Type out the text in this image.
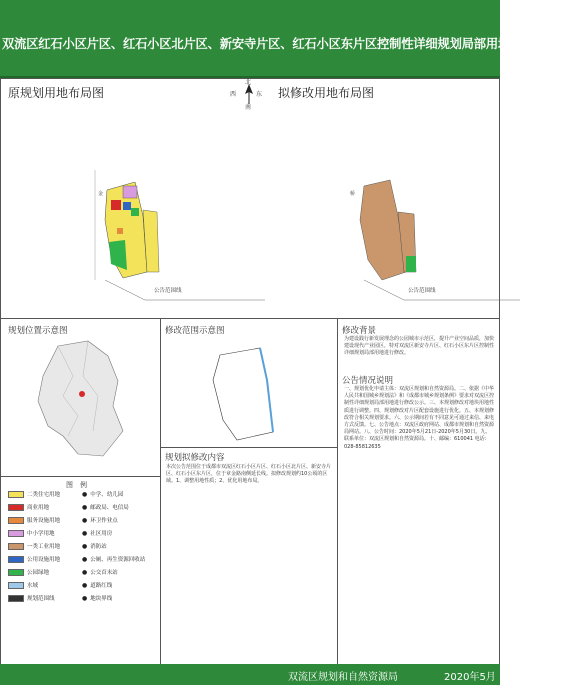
双流区红石小区片区、红石小区北片区、新安寺片区、红石小区东片区控制性详细规划局部用地修改方案公告
原规划用地布局图	拟修改用地布局图
北
西	东
南
公告范围线	公告范围线
金	桥
规划位置示意图	修改范围示意图	修改背景
为建设践行新发展理念的公园城市示范区，提升产业空间品质，加快建设现代产业园区，特对双流区新安寺片区、红石小区东片区控制性详细规划局部用地进行修改。
公告情况说明
一、规划优化申请主体：双流区规划和自然资源局。二、依据《中华人民共和国城乡规划法》和《成都市城乡规划条例》要求对双流区控制性详细规划局部用地进行修改公示。三、本规划修改对地块用地性质进行调整。四、规划修改对片区配套设施进行优化。五、本规划修改符合相关规划要求。六、公示期间若有不同意见可通过来信、来电方式反馈。七、公告地点：双流区政府网站、成都市规划和自然资源局网站。八、公告时间：2020年5月21日-2020年5月30日。九、联系单位：双流区规划和自然资源局。十、邮编：610041 电话：028-85812635
图　例
二类住宅用地
商业用地
服务设施用地
中小学用地
一类工业用地
公用设施用地
公园绿地
水域
规划范围线
● 中学、幼儿园
● 邮政局、电信局
● 环卫作业点
● 社区用房
● 消防站
● 公厕、再生资源回收站
● 公交首末站
● 道路红线
● 地块界线
规划拟修改内容
本次公告范围位于成都市双流区红石小区片区、红石小区北片区、新安寺片区、红石小区东片区，位于章金路南侧延长线。拟修改规划约10公顷的区域。1、调整用地性质；2、优化用地布局。
双流区规划和自然资源局	2020年5月
